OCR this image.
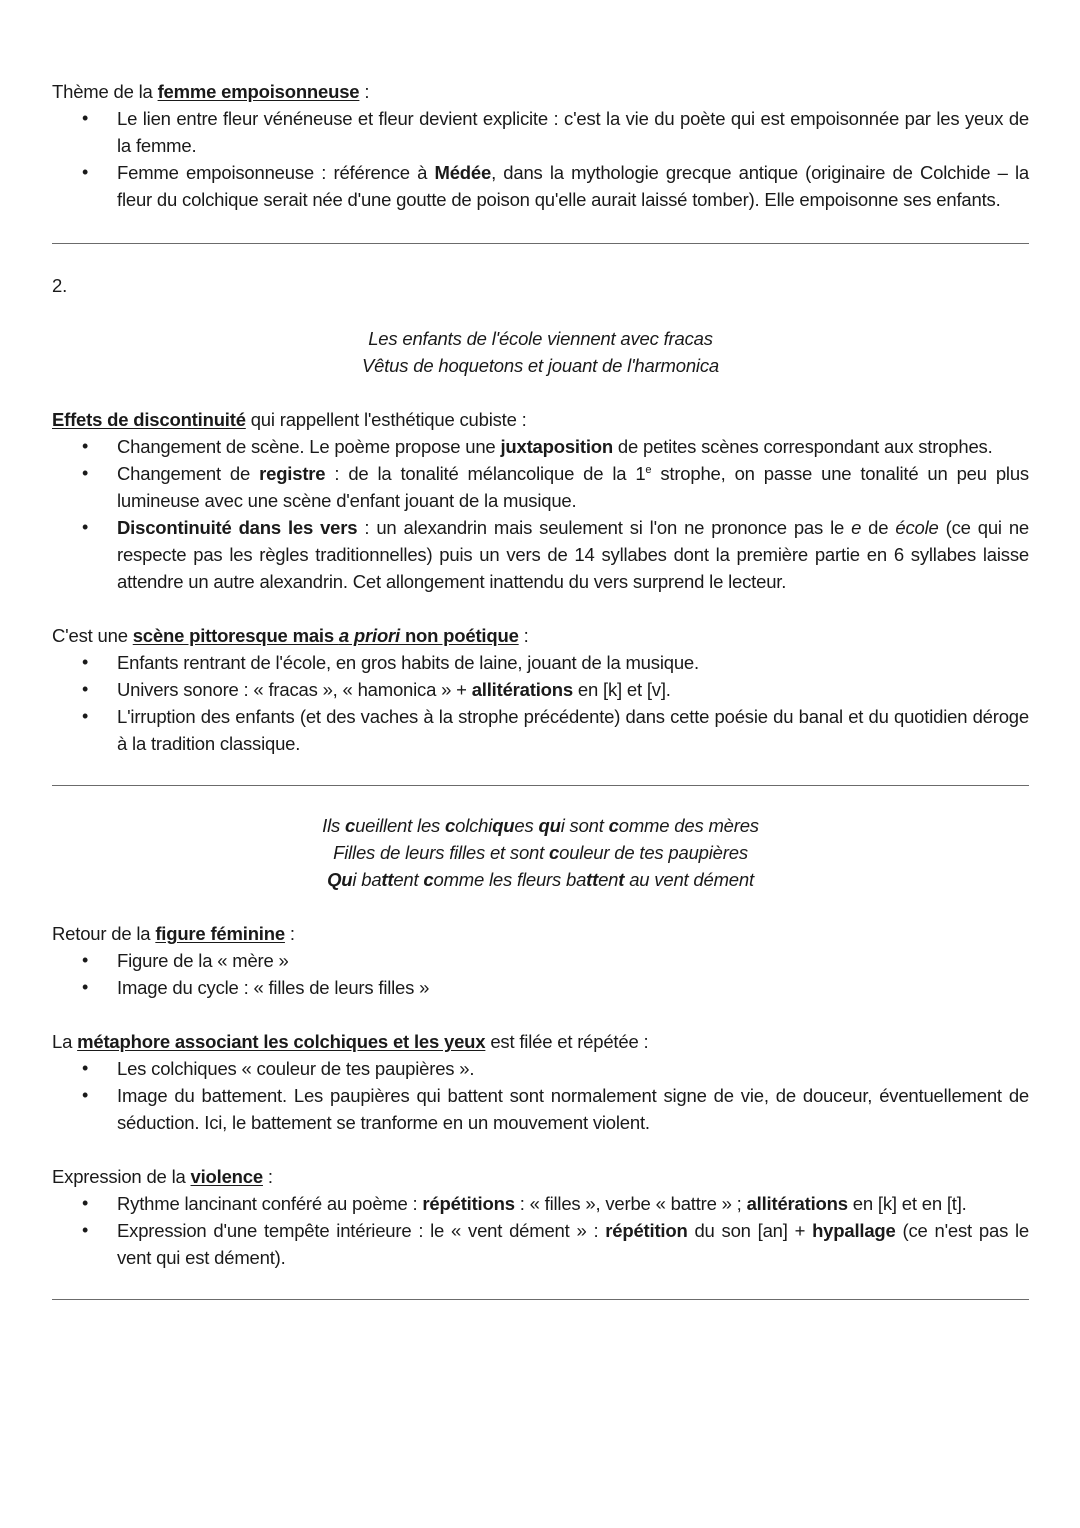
Thème de la femme empoisonneuse :

• Le lien entre fleur vénéneuse et fleur devient explicite : c'est la vie du poète qui est empoisonnée par les yeux de la femme.
• Femme empoisonneuse : référence à Médée, dans la mythologie grecque antique (originaire de Colchide – la fleur du colchique serait née d'une goutte de poison qu'elle aurait laissé tomber). Elle empoisonne ses enfants.

2.

Les enfants de l'école viennent avec fracas

Vêtus de hoquetons et jouant de l'harmonica

Effets de discontinuité qui rappellent l'esthétique cubiste :

• Changement de scène. Le poème propose une juxtaposition de petites scènes correspondant aux strophes.
• Changement de registre : de la tonalité mélancolique de la 1e strophe, on passe une tonalité un peu plus lumineuse avec une scène d'enfant jouant de la musique.
• Discontinuité dans les vers : un alexandrin mais seulement si l'on ne prononce pas le e de école (ce qui ne respecte pas les règles traditionnelles) puis un vers de 14 syllabes dont la première partie en 6 syllabes laisse attendre un autre alexandrin. Cet allongement inattendu du vers surprend le lecteur.

C'est une scène pittoresque mais a priori non poétique :

• Enfants rentrant de l'école, en gros habits de laine, jouant de la musique.
• Univers sonore : « fracas », « hamonica » + allitérations en [k] et [v].
• L'irruption des enfants (et des vaches à la strophe précédente) dans cette poésie du banal et du quotidien déroge à la tradition classique.

Ils cueillent les colchiques qui sont comme des mères

Filles de leurs filles et sont couleur de tes paupières

Qui battent comme les fleurs battent au vent dément

Retour de la figure féminine :

• Figure de la « mère »
• Image du cycle : « filles de leurs filles »

La métaphore associant les colchiques et les yeux est filée et répétée :

• Les colchiques « couleur de tes paupières ».
• Image du battement. Les paupières qui battent sont normalement signe de vie, de douceur, éventuellement de séduction. Ici, le battement se tranforme en un mouvement violent.

Expression de la violence :

• Rythme lancinant conféré au poème : répétitions : « filles », verbe « battre » ; allitérations en [k] et en [t].
• Expression d'une tempête intérieure : le « vent dément » : répétition du son [an] + hypallage (ce n'est pas le vent qui est dément).
